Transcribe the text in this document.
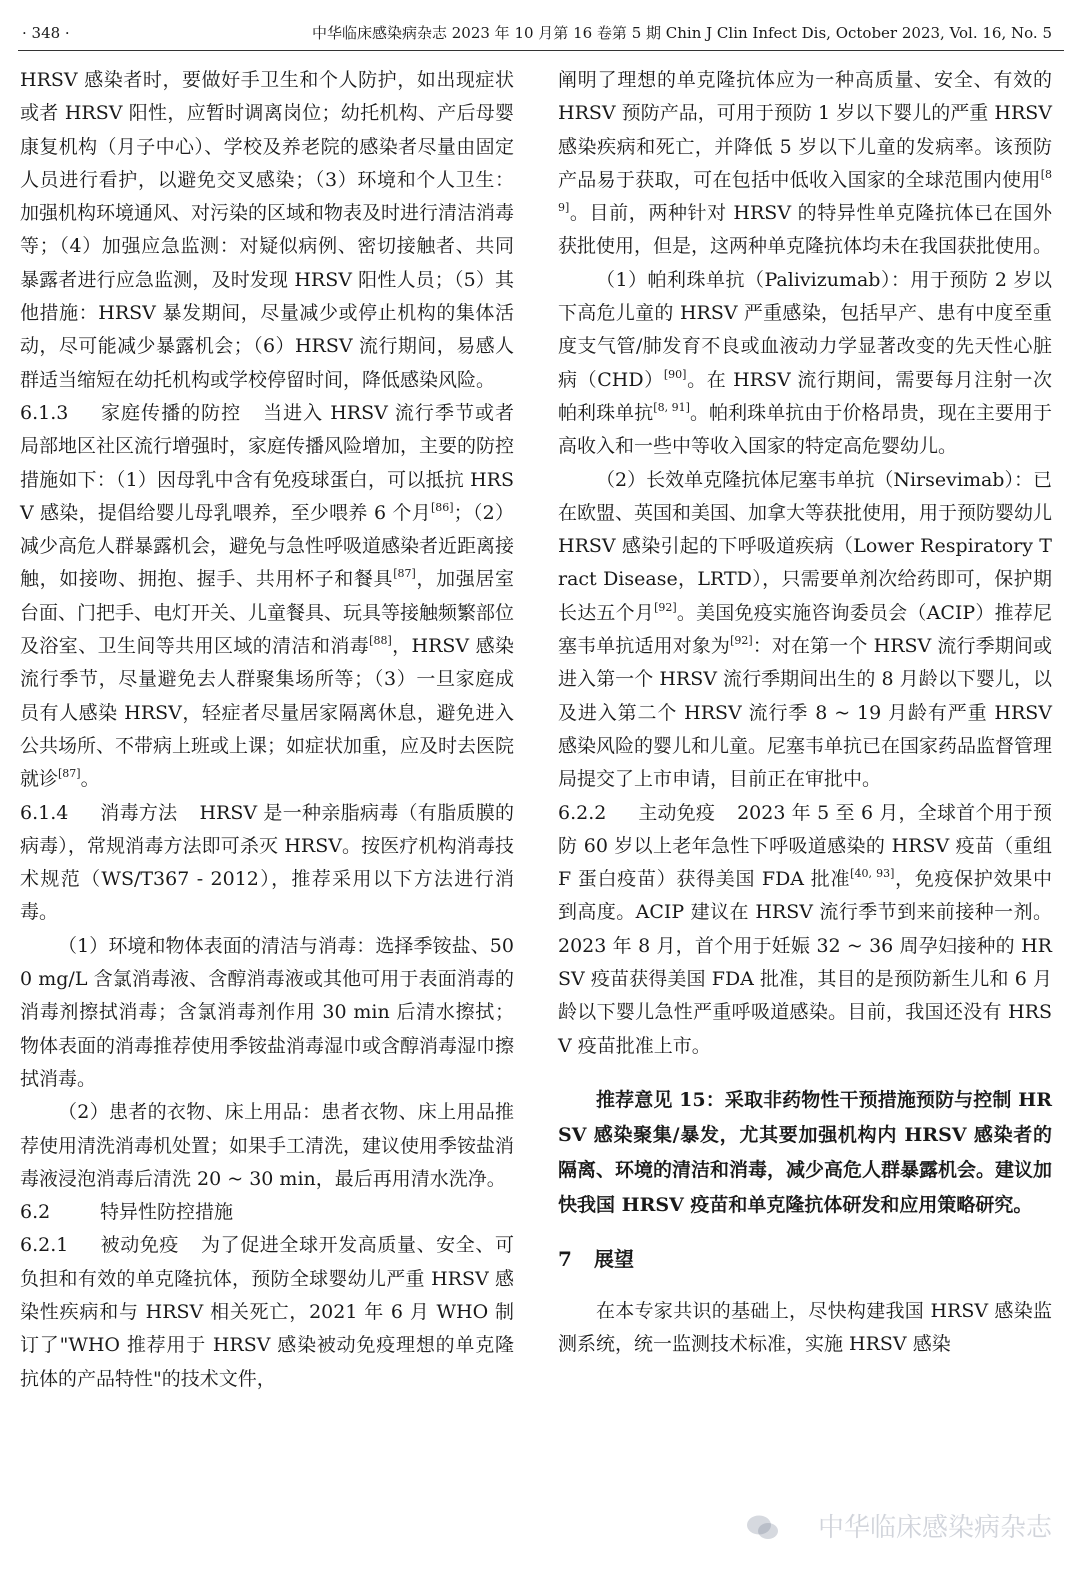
· 348 ·	中华临床感染病杂志 2023 年 10 月第 16 卷第 5 期 Chin J Clin Infect Dis, October 2023, Vol. 16, No. 5

HRSV 感染者时，要做好手卫生和个人防护，如出现症状或者 HRSV 阳性，应暂时调离岗位；幼托机构、产后母婴康复机构（月子中心）、学校及养老院的感染者尽量由固定人员进行看护，以避免交叉感染；（3）环境和个人卫生：加强机构环境通风、对污染的区域和物表及时进行清洁消毒等；（4）加强应急监测：对疑似病例、密切接触者、共同暴露者进行应急监测，及时发现 HRSV 阳性人员；（5）其他措施：HRSV 暴发期间，尽量减少或停止机构的集体活动，尽可能减少暴露机会；（6）HRSV 流行期间，易感人群适当缩短在幼托机构或学校停留时间，降低感染风险。

6.1.3 家庭传播的防控 当进入 HRSV 流行季节或者局部地区社区流行增强时，家庭传播风险增加，主要的防控措施如下：（1）因母乳中含有免疫球蛋白，可以抵抗 HRSV 感染，提倡给婴儿母乳喂养，至少喂养 6 个月[86]；（2）减少高危人群暴露机会，避免与急性呼吸道感染者近距离接触，如接吻、拥抱、握手、共用杯子和餐具[87]，加强居室台面、门把手、电灯开关、儿童餐具、玩具等接触频繁部位及浴室、卫生间等共用区域的清洁和消毒[88]，HRSV 感染流行季节，尽量避免去人群聚集场所等；（3）一旦家庭成员有人感染 HRSV，轻症者尽量居家隔离休息，避免进入公共场所、不带病上班或上课；如症状加重，应及时去医院就诊[87]。

6.1.4 消毒方法 HRSV 是一种亲脂病毒（有脂质膜的病毒），常规消毒方法即可杀灭 HRSV。按医疗机构消毒技术规范（WS/T367 - 2012），推荐采用以下方法进行消毒。

（1）环境和物体表面的清洁与消毒：选择季铵盐、500 mg/L 含氯消毒液、含醇消毒液或其他可用于表面消毒的消毒剂擦拭消毒；含氯消毒剂作用 30 min 后清水擦拭；物体表面的消毒推荐使用季铵盐消毒湿巾或含醇消毒湿巾擦拭消毒。

（2）患者的衣物、床上用品：患者衣物、床上用品推荐使用清洗消毒机处置；如果手工清洗，建议使用季铵盐消毒液浸泡消毒后清洗 20 ~ 30 min，最后再用清水洗净。

6.2	特异性防控措施

6.2.1 被动免疫 为了促进全球开发高质量、安全、可负担和有效的单克隆抗体，预防全球婴幼儿严重 HRSV 感染性疾病和与 HRSV 相关死亡，2021 年 6 月 WHO 制订了"WHO 推荐用于 HRSV 感染被动免疫理想的单克隆抗体的产品特性"的技术文件，

阐明了理想的单克隆抗体应为一种高质量、安全、有效的 HRSV 预防产品，可用于预防 1 岁以下婴儿的严重 HRSV 感染疾病和死亡，并降低 5 岁以下儿童的发病率。该预防产品易于获取，可在包括中低收入国家的全球范围内使用[89]。目前，两种针对 HRSV 的特异性单克隆抗体已在国外获批使用，但是，这两种单克隆抗体均未在我国获批使用。

（1）帕利珠单抗（Palivizumab）：用于预防 2 岁以下高危儿童的 HRSV 严重感染，包括早产、患有中度至重度支气管/肺发育不良或血液动力学显著改变的先天性心脏病（CHD）[90]。在 HRSV 流行期间，需要每月注射一次帕利珠单抗[8, 91]。帕利珠单抗由于价格昂贵，现在主要用于高收入和一些中等收入国家的特定高危婴幼儿。

（2）长效单克隆抗体尼塞韦单抗（Nirsevimab）：已在欧盟、英国和美国、加拿大等获批使用，用于预防婴幼儿 HRSV 感染引起的下呼吸道疾病（Lower Respiratory Tract Disease，LRTD），只需要单剂次给药即可，保护期长达五个月[92]。美国免疫实施咨询委员会（ACIP）推荐尼塞韦单抗适用对象为[92]：对在第一个 HRSV 流行季期间或进入第一个 HRSV 流行季期间出生的 8 月龄以下婴儿，以及进入第二个 HRSV 流行季 8 ~ 19 月龄有严重 HRSV 感染风险的婴儿和儿童。尼塞韦单抗已在国家药品监督管理局提交了上市申请，目前正在审批中。

6.2.2 主动免疫 2023 年 5 至 6 月，全球首个用于预防 60 岁以上老年急性下呼吸道感染的 HRSV 疫苗（重组 F 蛋白疫苗）获得美国 FDA 批准[40, 93]，免疫保护效果中到高度。ACIP 建议在 HRSV 流行季节到来前接种一剂。2023 年 8 月，首个用于妊娠 32 ~ 36 周孕妇接种的 HRSV 疫苗获得美国 FDA 批准，其目的是预防新生儿和 6 月龄以下婴儿急性严重呼吸道感染。目前，我国还没有 HRSV 疫苗批准上市。

推荐意见 15：采取非药物性干预措施预防与控制 HRSV 感染聚集/暴发，尤其要加强机构内 HRSV 感染者的隔离、环境的清洁和消毒，减少高危人群暴露机会。建议加快我国 HRSV 疫苗和单克隆抗体研发和应用策略研究。

7 展望

在本专家共识的基础上，尽快构建我国 HRSV 感染监测系统，统一监测技术标准，实施 HRSV 感染

中华临床感染病杂志
